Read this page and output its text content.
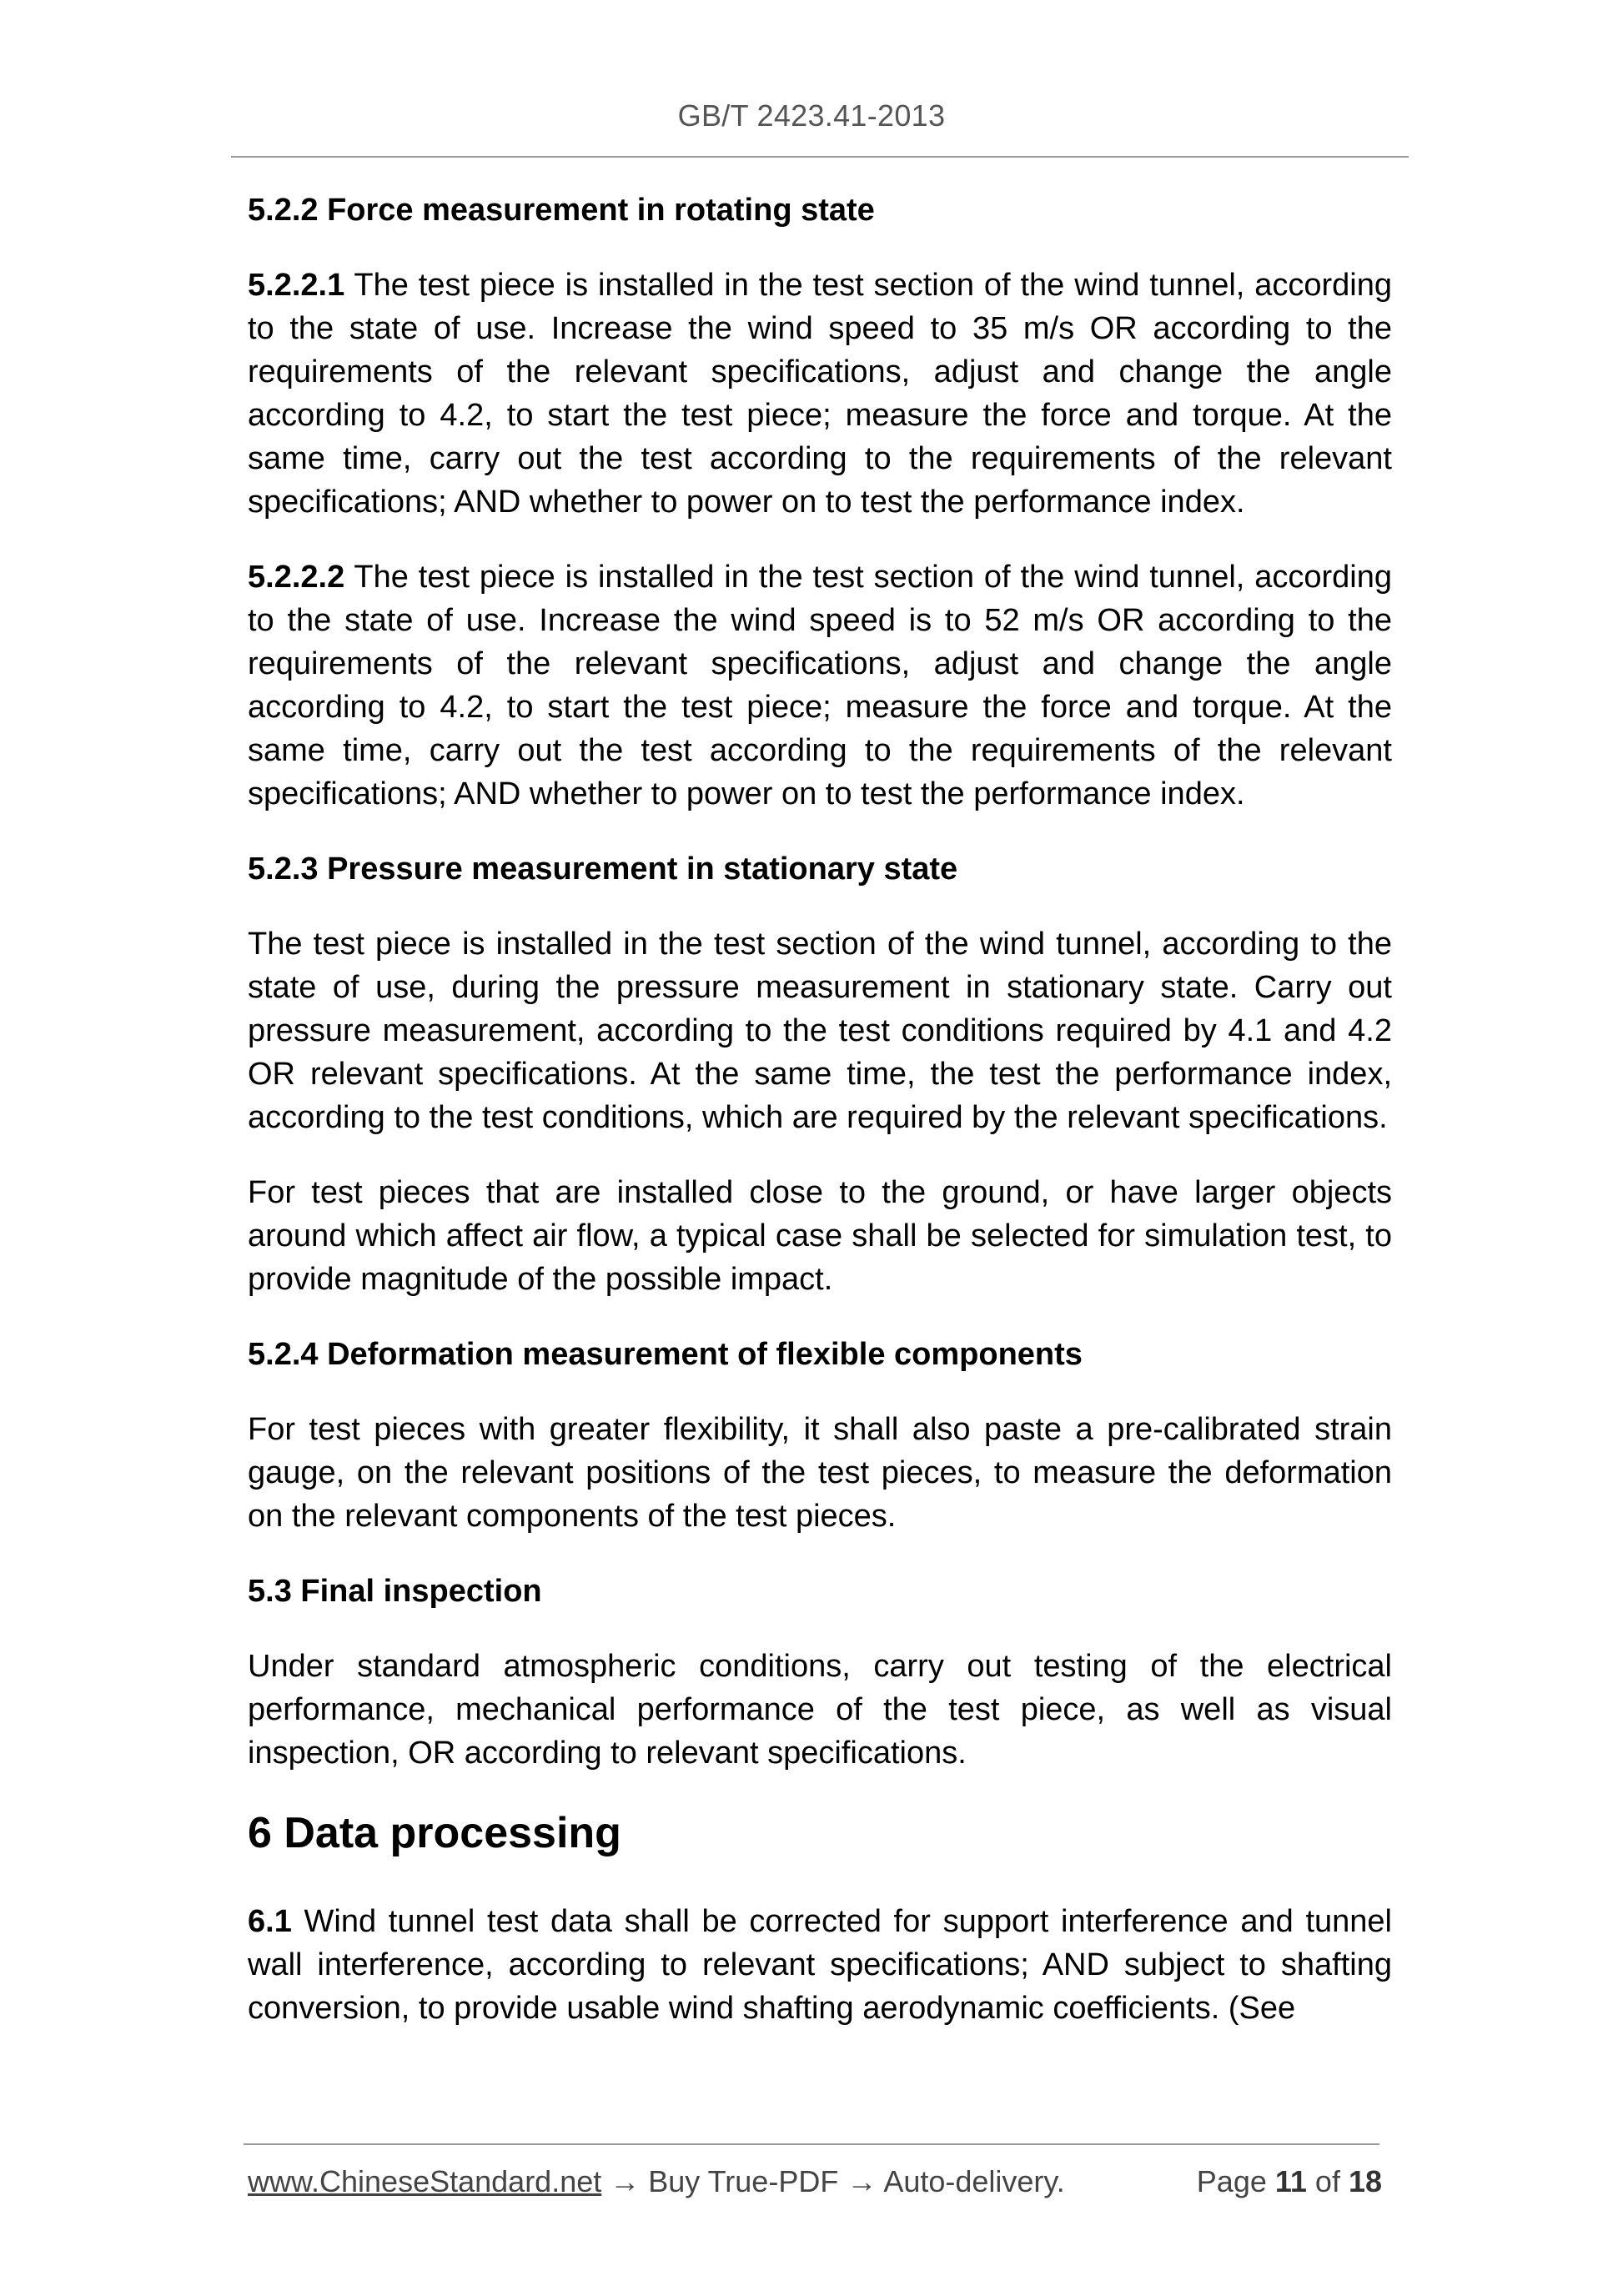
GB/T 2423.41-2013
5.2.2 Force measurement in rotating state

5.2.2.1 The test piece is installed in the test section of the wind tunnel, according to the state of use. Increase the wind speed to 35 m/s OR according to the requirements of the relevant specifications, adjust and change the angle according to 4.2, to start the test piece; measure the force and torque. At the same time, carry out the test according to the requirements of the relevant specifications; AND whether to power on to test the performance index.

5.2.2.2 The test piece is installed in the test section of the wind tunnel, according to the state of use. Increase the wind speed is to 52 m/s OR according to the requirements of the relevant specifications, adjust and change the angle according to 4.2, to start the test piece; measure the force and torque. At the same time, carry out the test according to the requirements of the relevant specifications; AND whether to power on to test the performance index.

5.2.3 Pressure measurement in stationary state

The test piece is installed in the test section of the wind tunnel, according to the state of use, during the pressure measurement in stationary state. Carry out pressure measurement, according to the test conditions required by 4.1 and 4.2 OR relevant specifications. At the same time, the test the performance index, according to the test conditions, which are required by the relevant specifications.

For test pieces that are installed close to the ground, or have larger objects around which affect air flow, a typical case shall be selected for simulation test, to provide magnitude of the possible impact.

5.2.4 Deformation measurement of flexible components

For test pieces with greater flexibility, it shall also paste a pre-calibrated strain gauge, on the relevant positions of the test pieces, to measure the deformation on the relevant components of the test pieces.

5.3 Final inspection

Under standard atmospheric conditions, carry out testing of the electrical performance, mechanical performance of the test piece, as well as visual inspection, OR according to relevant specifications.

6 Data processing

6.1 Wind tunnel test data shall be corrected for support interference and tunnel wall interference, according to relevant specifications; AND subject to shafting conversion, to provide usable wind shafting aerodynamic coefficients. (See

www.ChineseStandard.net → Buy True-PDF → Auto-delivery.	Page 11 of 18
